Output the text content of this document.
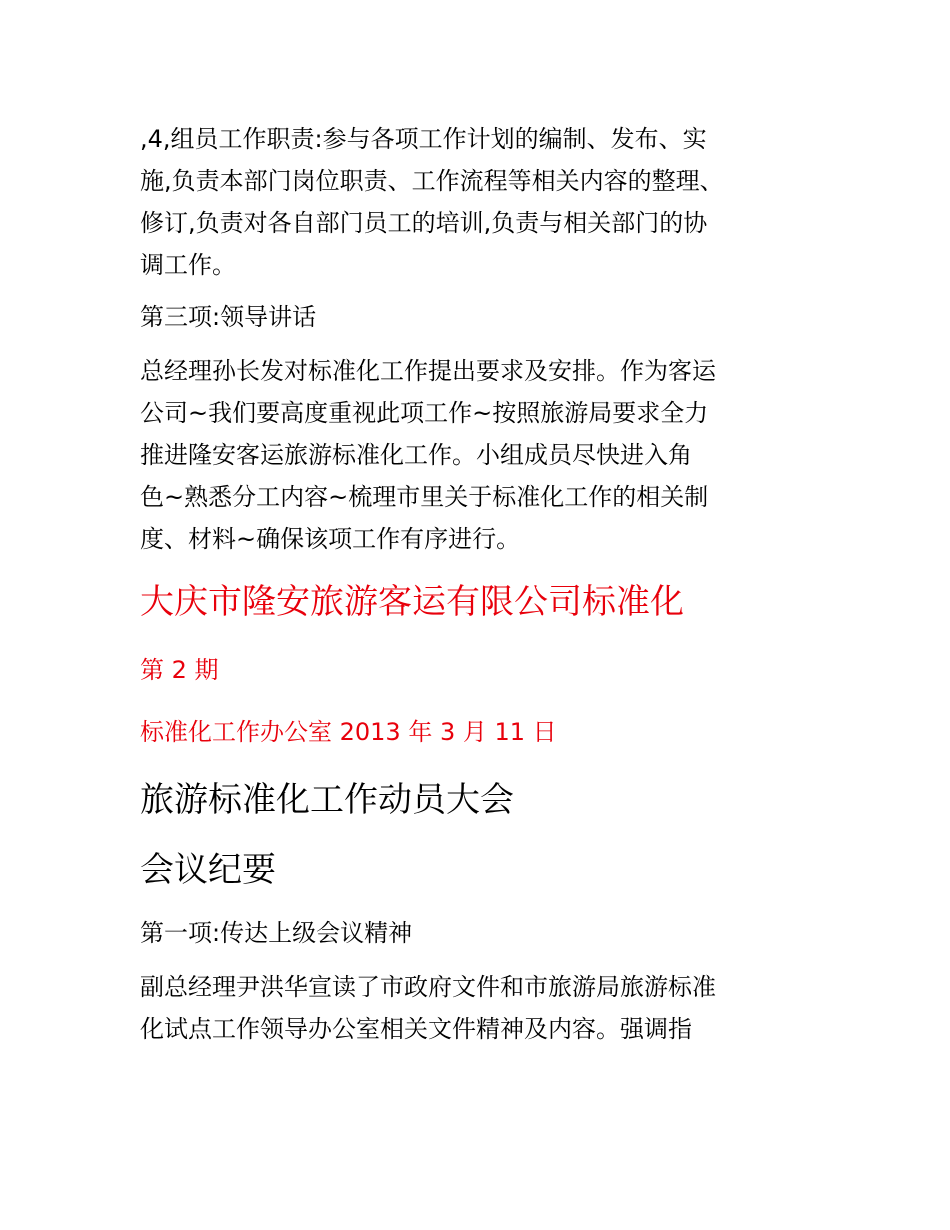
,4,组员工作职责:参与各项工作计划的编制、发布、实
施,负责本部门岗位职责、工作流程等相关内容的整理、
修订,负责对各自部门员工的培训,负责与相关部门的协
调工作。

第三项:领导讲话

总经理孙长发对标准化工作提出要求及安排。作为客运
公司~我们要高度重视此项工作~按照旅游局要求全力
推进隆安客运旅游标准化工作。小组成员尽快进入角
色~熟悉分工内容~梳理市里关于标准化工作的相关制
度、材料~确保该项工作有序进行。

大庆市隆安旅游客运有限公司标准化

第 2 期

标准化工作办公室 2013 年 3 月 11 日

旅游标准化工作动员大会
会议纪要

第一项:传达上级会议精神

副总经理尹洪华宣读了市政府文件和市旅游局旅游标准
化试点工作领导办公室相关文件精神及内容。强调指
